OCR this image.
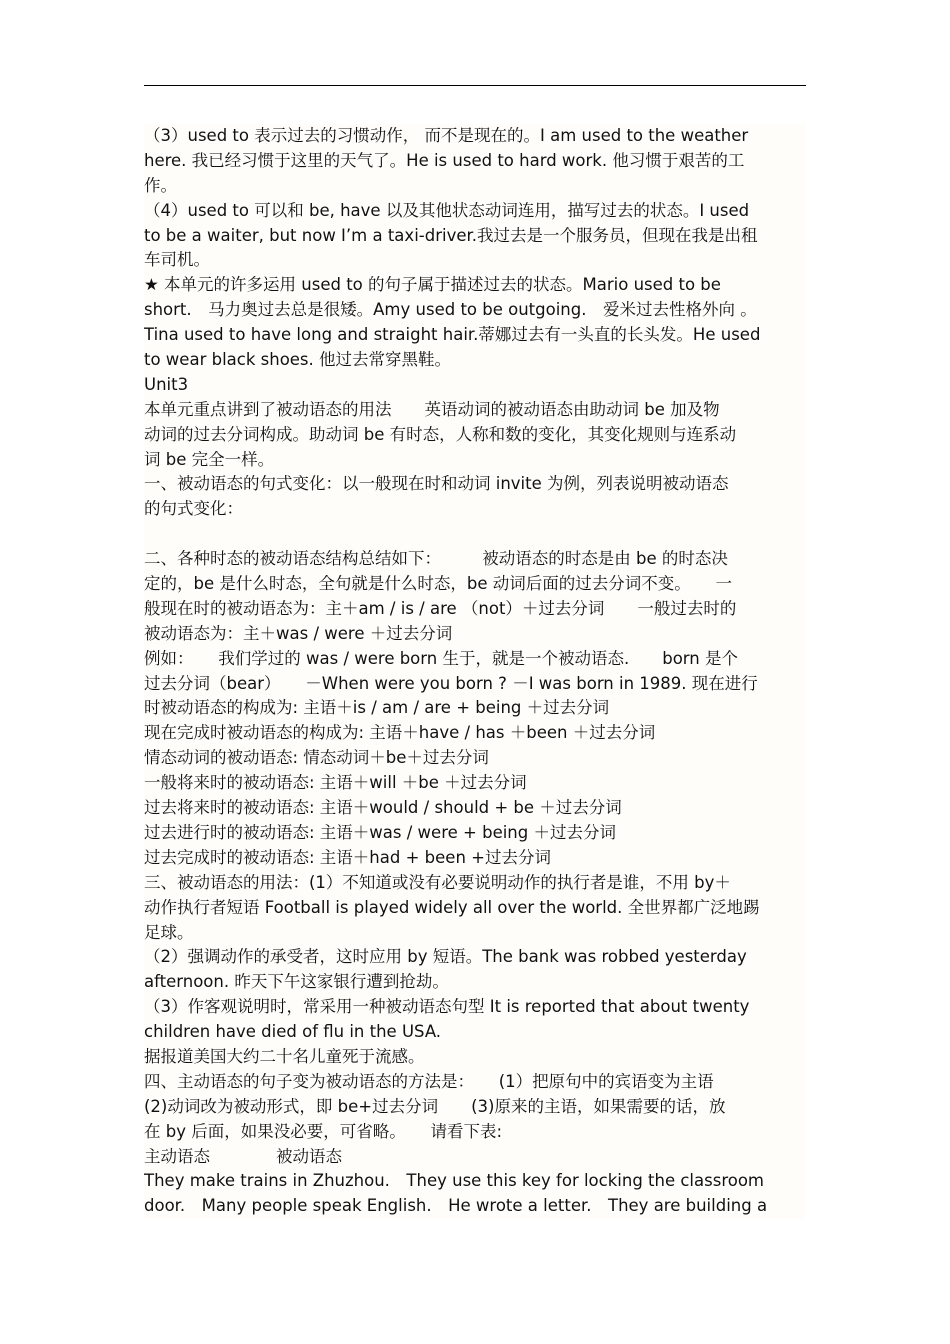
（3）used to 表示过去的习惯动作， 而不是现在的。I am used to the weather
here. 我已经习惯于这里的天气了。He is used to hard work. 他习惯于艰苦的工
作。
（4）used to 可以和 be, have 以及其他状态动词连用，描写过去的状态。I used
to be a waiter, but now I’m a taxi-driver.我过去是一个服务员，但现在我是出租
车司机。
★ 本单元的许多运用 used to 的句子属于描述过去的状态。Mario used to be
short.　马力奥过去总是很矮。Amy used to be outgoing.　爱米过去性格外向 。
Tina used to have long and straight hair.蒂娜过去有一头直的长头发。He used
to wear black shoes. 他过去常穿黑鞋。
Unit3
本单元重点讲到了被动语态的用法　　英语动词的被动语态由助动词 be 加及物
动词的过去分词构成。助动词 be 有时态，人称和数的变化，其变化规则与连系动
词 be 完全一样。
一、被动语态的句式变化：以一般现在时和动词 invite 为例，列表说明被动语态
的句式变化：
二、各种时态的被动语态结构总结如下：　　　被动语态的时态是由 be 的时态决
定的，be 是什么时态，全句就是什么时态，be 动词后面的过去分词不变。　　一
般现在时的被动语态为：主＋am / is / are （not）＋过去分词　　一般过去时的
被动语态为：主＋was / were ＋过去分词
例如：　　我们学过的 was / were born 生于，就是一个被动语态.　　born 是个
过去分词（bear）　　－When were you born ? －I was born in 1989. 现在进行
时被动语态的构成为: 主语＋is / am / are + being ＋过去分词
现在完成时被动语态的构成为: 主语＋have / has ＋been ＋过去分词
情态动词的被动语态: 情态动词＋be＋过去分词
一般将来时的被动语态: 主语＋will ＋be ＋过去分词
过去将来时的被动语态: 主语＋would / should + be ＋过去分词
过去进行时的被动语态: 主语＋was / were + being ＋过去分词
过去完成时的被动语态: 主语＋had + been +过去分词
三、被动语态的用法：(1）不知道或没有必要说明动作的执行者是谁，不用 by＋
动作执行者短语 Football is played widely all over the world. 全世界都广泛地踢
足球。
（2）强调动作的承受者，这时应用 by 短语。The bank was robbed yesterday
afternoon. 昨天下午这家银行遭到抢劫。
（3）作客观说明时，常采用一种被动语态句型 It is reported that about twenty
children have died of flu in the USA.
据报道美国大约二十名儿童死于流感。
四、主动语态的句子变为被动语态的方法是：　　(1）把原句中的宾语变为主语
(2)动词改为被动形式，即 be+过去分词　　(3)原来的主语，如果需要的话，放
在 by 后面，如果没必要，可省略。　　请看下表:
主动语态　　　　被动语态
They make trains in Zhuzhou.　They use this key for locking the classroom
door.　Many people speak English.　He wrote a letter.　They are building a
